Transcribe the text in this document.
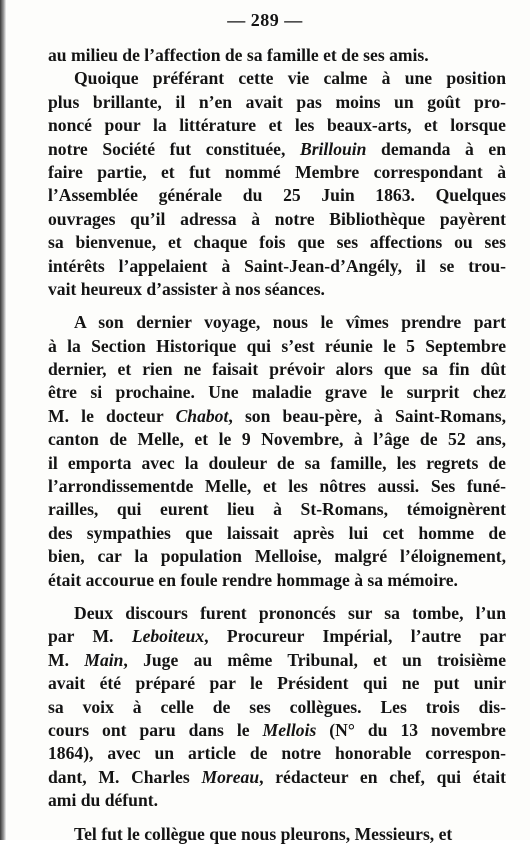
— 289 —
au milieu de l’affection de sa famille et de ses amis.
Quoique préférant cette vie calme à une position
plus brillante, il n’en avait pas moins un goût pro-
noncé pour la littérature et les beaux-arts, et lorsque
notre Société fut constituée, Brillouin demanda à en
faire partie, et fut nommé Membre correspondant à
l’Assemblée générale du 25 Juin 1863. Quelques
ouvrages qu’il adressa à notre Bibliothèque payèrent
sa bienvenue, et chaque fois que ses affections ou ses
intérêts l’appelaient à Saint-Jean-d’Angély, il se trou-
vait heureux d’assister à nos séances.
A son dernier voyage, nous le vîmes prendre part
à la Section Historique qui s’est réunie le 5 Septembre
dernier, et rien ne faisait prévoir alors que sa fin dût
être si prochaine. Une maladie grave le surprit chez
M. le docteur Chabot, son beau-père, à Saint-Romans,
canton de Melle, et le 9 Novembre, à l’âge de 52 ans,
il emporta avec la douleur de sa famille, les regrets de
l’arrondissementde Melle, et les nôtres aussi. Ses funé-
railles, qui eurent lieu à St-Romans, témoignèrent
des sympathies que laissait après lui cet homme de
bien, car la population Melloise, malgré l’éloignement,
était accourue en foule rendre hommage à sa mémoire.
Deux discours furent prononcés sur sa tombe, l’un
par M. Leboiteux, Procureur Impérial, l’autre par
M. Main, Juge au même Tribunal, et un troisième
avait été préparé par le Président qui ne put unir
sa voix à celle de ses collègues. Les trois dis-
cours ont paru dans le Mellois (N° du 13 novembre
1864), avec un article de notre honorable correspon-
dant, M. Charles Moreau, rédacteur en chef, qui était
ami du défunt.
Tel fut le collègue que nous pleurons, Messieurs, et
